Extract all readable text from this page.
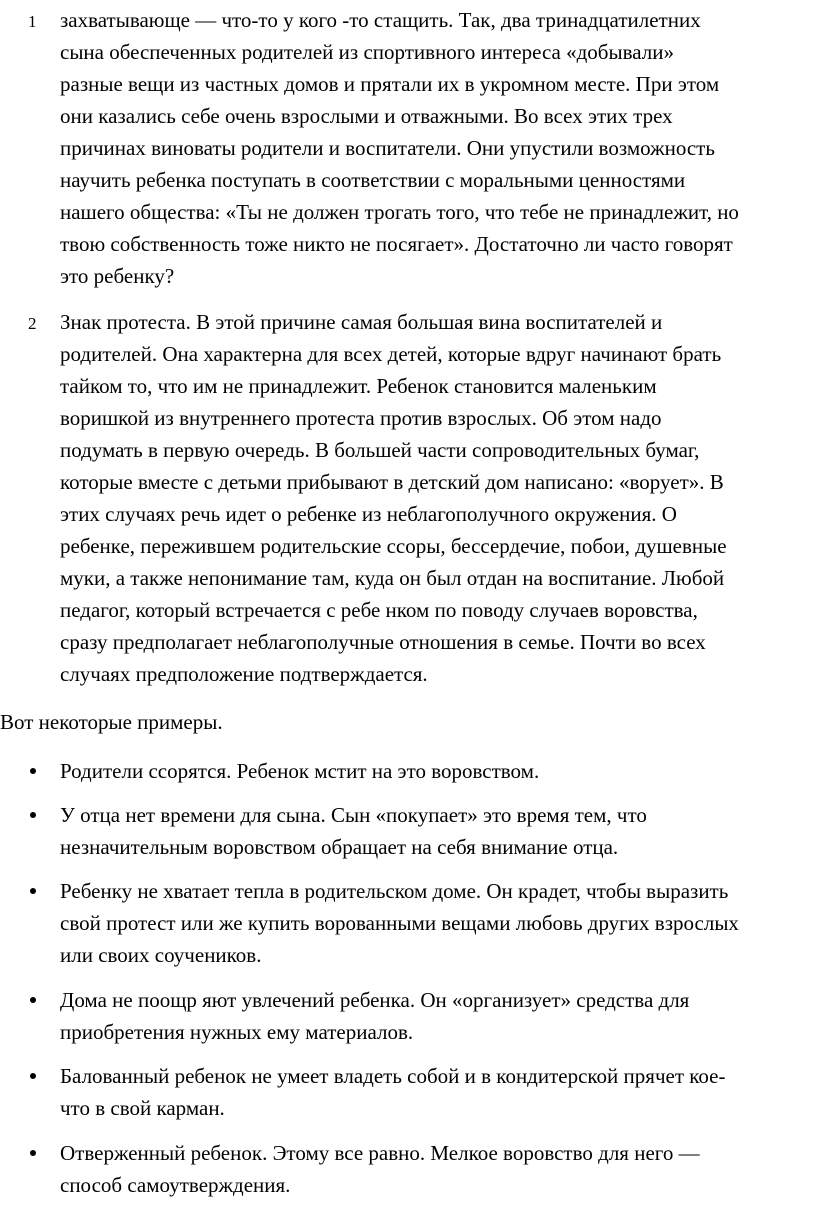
1 захватывающе — что-то у кого -то стащить. Так, два тринадцатилетних
сына обеспеченных родителей из спортивного интереса «добывали»
разные вещи из частных домов и прятали их в укромном месте. При этом
они казались себе очень взрослыми и отважными. Во всех этих трех
причинах виноваты родители и воспитатели. Они упустили возможность
научить ребенка поступать в соответствии с моральными ценностями
нашего общества: «Ты не должен трогать того, что тебе не принадлежит, но
твою собственность тоже никто не посягает». Достаточно ли часто говорят
это ребенку?
2 Знак протеста. В этой причине самая большая вина воспитателей и
родителей. Она характерна для всех детей, которые вдруг начинают брать
тайком то, что им не принадлежит. Ребенок становится маленьким
воришкой из внутреннего протеста против взрослых. Об этом надо
подумать в первую очередь. В большей части сопроводительных бумаг,
которые вместе с детьми прибывают в детский дом написано: «ворует». В
этих случаях речь идет о ребенке из неблагополучного окружения. О
ребенке, пережившем родительские ссоры, бессердечие, побои, душевные
муки, а также непонимание там, куда он был отдан на воспитание. Любой
педагог, который встречается с ребе нком по поводу случаев воровства,
сразу предполагает неблагополучные отношения в семье. Почти во всех
случаях предположение подтверждается.
Вот некоторые примеры.
Родители ссорятся. Ребенок мстит на это воровством.
У отца нет времени для сына. Сын «покупает» это время тем, что
незначительным воровством обращает на себя внимание отца.
Ребенку не хватает тепла в родительском доме. Он крадет, чтобы выразить
свой протест или же купить ворованными вещами любовь других взрослых
или своих соучеников.
Дома не поощр яют увлечений ребенка. Он «организует» средства для
приобретения нужных ему материалов.
Балованный ребенок не умеет владеть собой и в кондитерской прячет кое-
что в свой карман.
Отверженный ребенок. Этому все равно. Мелкое воровство для него —
способ самоутверждения.
